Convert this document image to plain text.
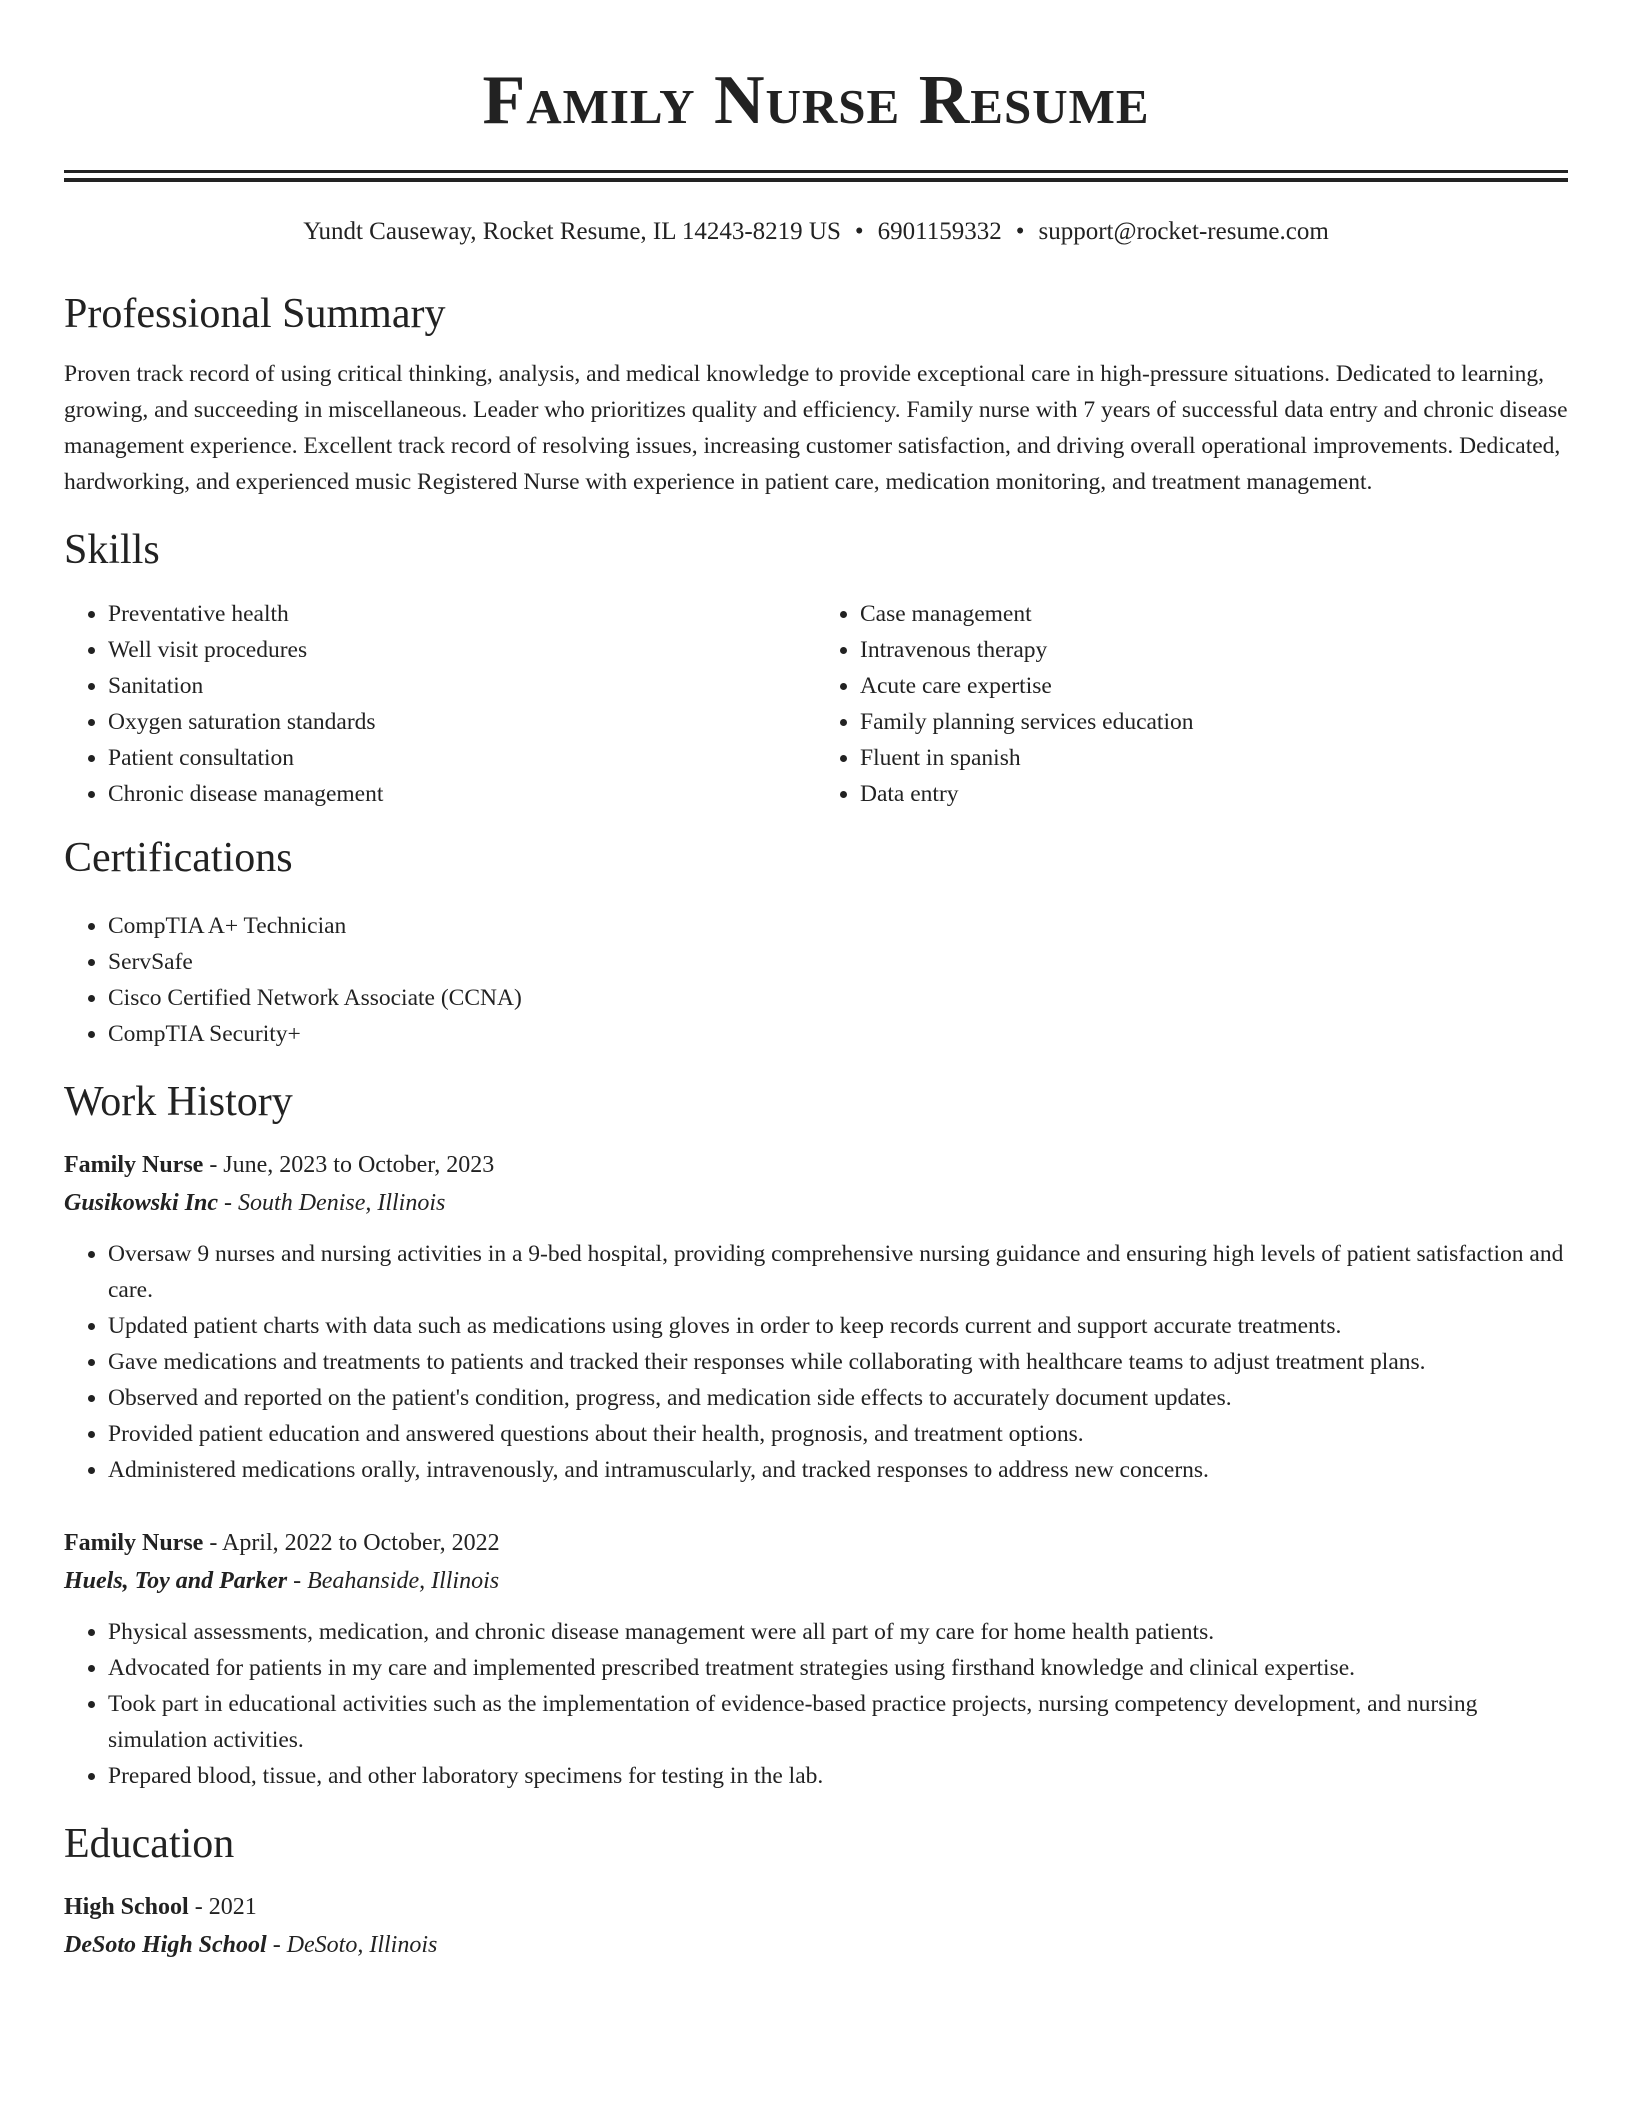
Family Nurse Resume
Yundt Causeway, Rocket Resume, IL 14243-8219 US • 6901159332 • support@rocket-resume.com
Professional Summary

Proven track record of using critical thinking, analysis, and medical knowledge to provide exceptional care in high-pressure situations. Dedicated to learning, growing, and succeeding in miscellaneous. Leader who prioritizes quality and efficiency. Family nurse with 7 years of successful data entry and chronic disease management experience. Excellent track record of resolving issues, increasing customer satisfaction, and driving overall operational improvements. Dedicated, hardworking, and experienced music Registered Nurse with experience in patient care, medication monitoring, and treatment management.

Skills
• Preventative health
• Well visit procedures
• Sanitation
• Oxygen saturation standards
• Patient consultation
• Chronic disease management
• Case management
• Intravenous therapy
• Acute care expertise
• Family planning services education
• Fluent in spanish
• Data entry
Certifications
• CompTIA A+ Technician
• ServSafe
• Cisco Certified Network Associate (CCNA)
• CompTIA Security+
Work History
Family Nurse - June, 2023 to October, 2023
Gusikowski Inc - South Denise, Illinois
• Oversaw 9 nurses and nursing activities in a 9-bed hospital, providing comprehensive nursing guidance and ensuring high levels of patient satisfaction and care.
• Updated patient charts with data such as medications using gloves in order to keep records current and support accurate treatments.
• Gave medications and treatments to patients and tracked their responses while collaborating with healthcare teams to adjust treatment plans.
• Observed and reported on the patient's condition, progress, and medication side effects to accurately document updates.
• Provided patient education and answered questions about their health, prognosis, and treatment options.
• Administered medications orally, intravenously, and intramuscularly, and tracked responses to address new concerns.
Family Nurse - April, 2022 to October, 2022
Huels, Toy and Parker - Beahanside, Illinois
• Physical assessments, medication, and chronic disease management were all part of my care for home health patients.
• Advocated for patients in my care and implemented prescribed treatment strategies using firsthand knowledge and clinical expertise.
• Took part in educational activities such as the implementation of evidence-based practice projects, nursing competency development, and nursing simulation activities.
• Prepared blood, tissue, and other laboratory specimens for testing in the lab.
Education
High School - 2021
DeSoto High School - DeSoto, Illinois
